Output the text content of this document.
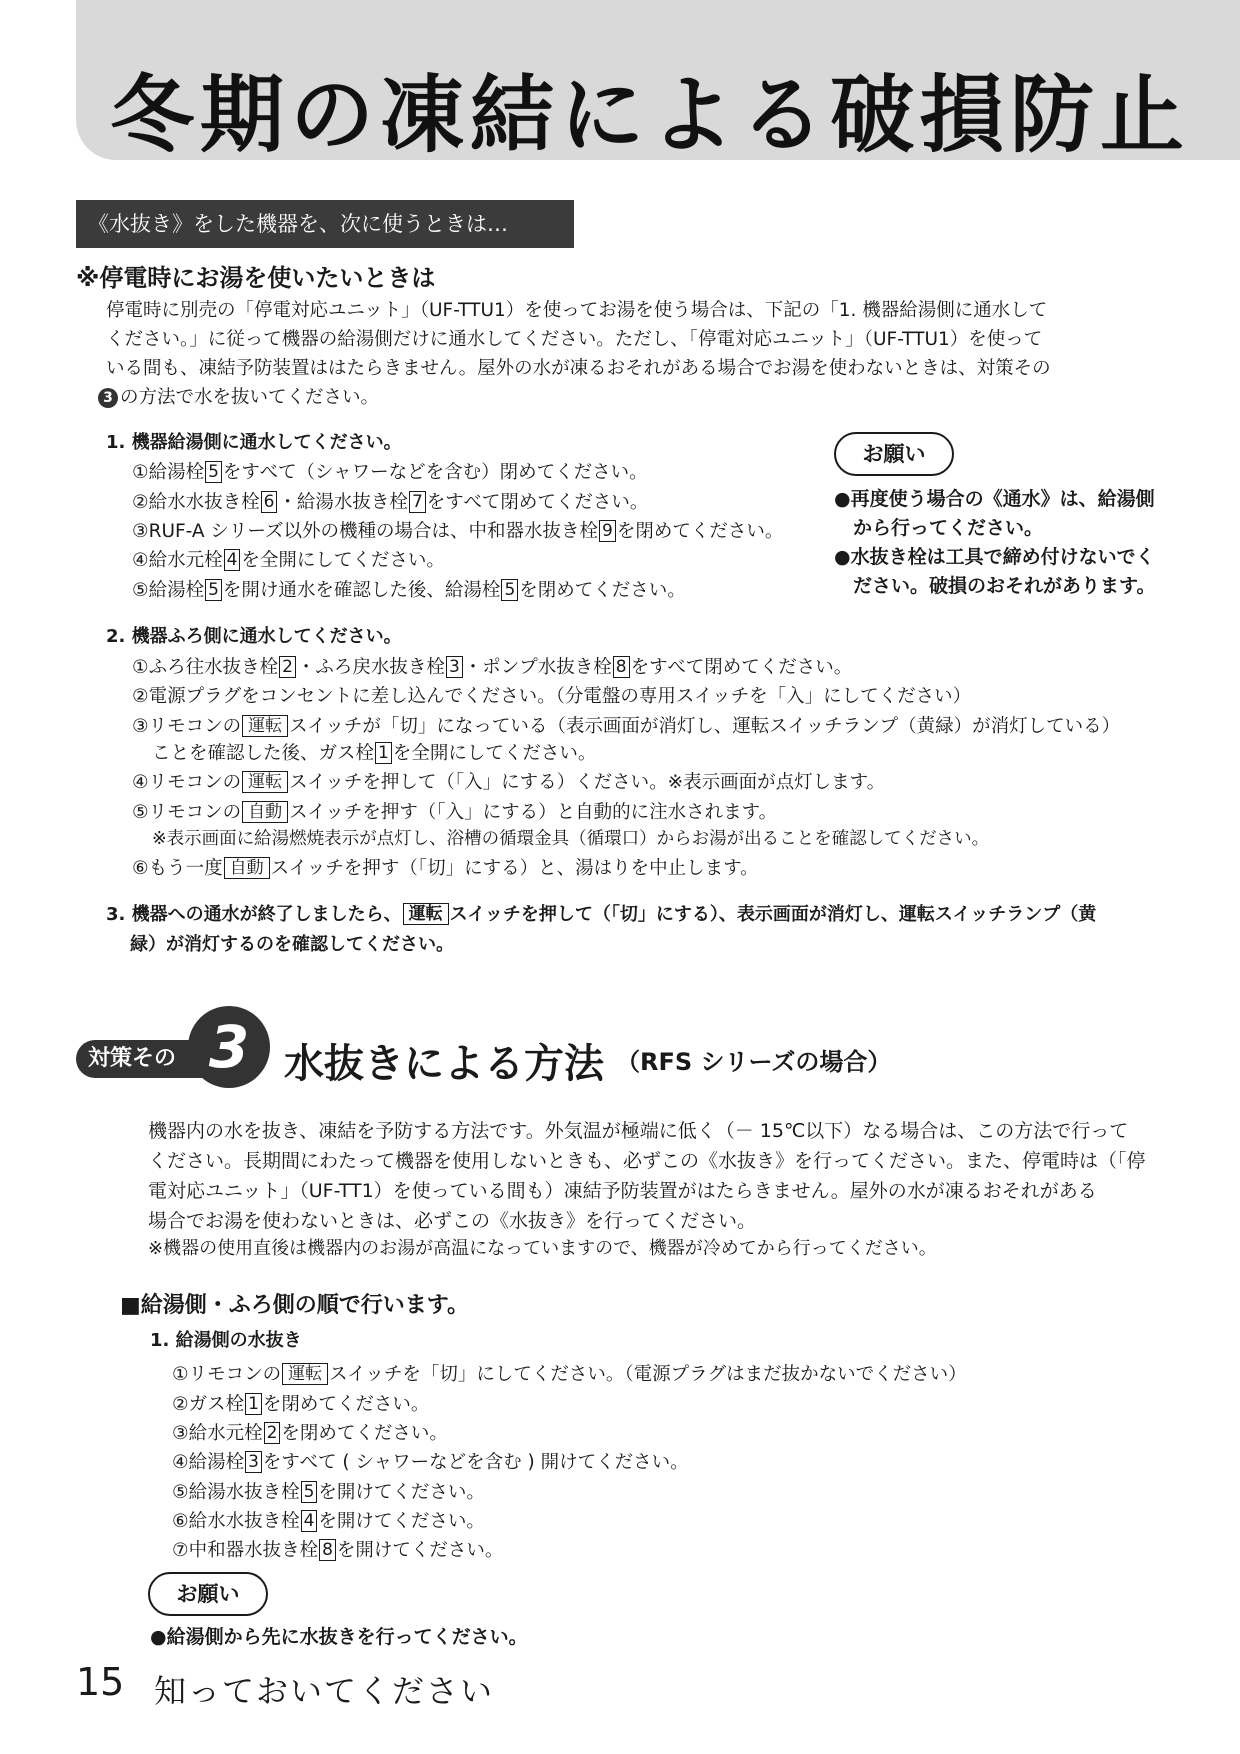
冬期の凍結による破損防止
《水抜き》をした機器を、次に使うときは…
※停電時にお湯を使いたいときは
停電時に別売の「停電対応ユニット」（UF-TTU1）を使ってお湯を使う場合は、下記の「1. 機器給湯側に通水して
ください。」に従って機器の給湯側だけに通水してください。ただし、「停電対応ユニット」（UF-TTU1）を使って
いる間も、凍結予防装置ははたらきません。屋外の水が凍るおそれがある場合でお湯を使わないときは、対策その
3 の方法で水を抜いてください。
1. 機器給湯側に通水してください。
①給湯栓 5 をすべて（シャワーなどを含む）閉めてください。
②給水水抜き栓 6 ・給湯水抜き栓 7 をすべて閉めてください。
③RUF-A シリーズ以外の機種の場合は、中和器水抜き栓 9 を閉めてください。
④給水元栓 4 を全開にしてください。
⑤給湯栓 5 を開け通水を確認した後、給湯栓 5 を閉めてください。
お願い
●再度使う場合の《通水》は、給湯側
　から行ってください。
●水抜き栓は工具で締め付けないでく
　ださい。破損のおそれがあります。
2. 機器ふろ側に通水してください。
①ふろ往水抜き栓 2 ・ふろ戻水抜き栓 3 ・ポンプ水抜き栓 8 をすべて閉めてください。
②電源プラグをコンセントに差し込んでください。（分電盤の専用スイッチを「入」にしてください）
③リモコンの 運転 スイッチが「切」になっている（表示画面が消灯し、運転スイッチランプ（黄緑）が消灯している）
ことを確認した後、ガス栓 1 を全開にしてください。
④リモコンの 運転 スイッチを押して（「入」にする）ください。※表示画面が点灯します。
⑤リモコンの 自動 スイッチを押す（「入」にする）と自動的に注水されます。
※表示画面に給湯燃焼表示が点灯し、浴槽の循環金具（循環口）からお湯が出ることを確認してください。
⑥もう一度 自動 スイッチを押す（「切」にする）と、湯はりを中止します。
3. 機器への通水が終了しましたら、 運転 スイッチを押して（「切」にする）、表示画面が消灯し、運転スイッチランプ（黄
緑）が消灯するのを確認してください。
対策その 3 水抜きによる方法 （RFS シリーズの場合）
機器内の水を抜き、凍結を予防する方法です。外気温が極端に低く（－ 15℃以下）なる場合は、この方法で行って
ください。長期間にわたって機器を使用しないときも、必ずこの《水抜き》を行ってください。また、停電時は（「停
電対応ユニット」（UF-TT1）を使っている間も）凍結予防装置がはたらきません。屋外の水が凍るおそれがある
場合でお湯を使わないときは、必ずこの《水抜き》を行ってください。
※機器の使用直後は機器内のお湯が高温になっていますので、機器が冷めてから行ってください。
■給湯側・ふろ側の順で行います。
1. 給湯側の水抜き
①リモコンの 運転 スイッチを「切」にしてください。（電源プラグはまだ抜かないでください）
②ガス栓 1 を閉めてください。
③給水元栓 2 を閉めてください。
④給湯栓 3 をすべて ( シャワーなどを含む ) 開けてください。
⑤給湯水抜き栓 5 を開けてください。
⑥給水水抜き栓 4 を開けてください。
⑦中和器水抜き栓 8 を開けてください。
お願い
●給湯側から先に水抜きを行ってください。
15 知っておいてください
